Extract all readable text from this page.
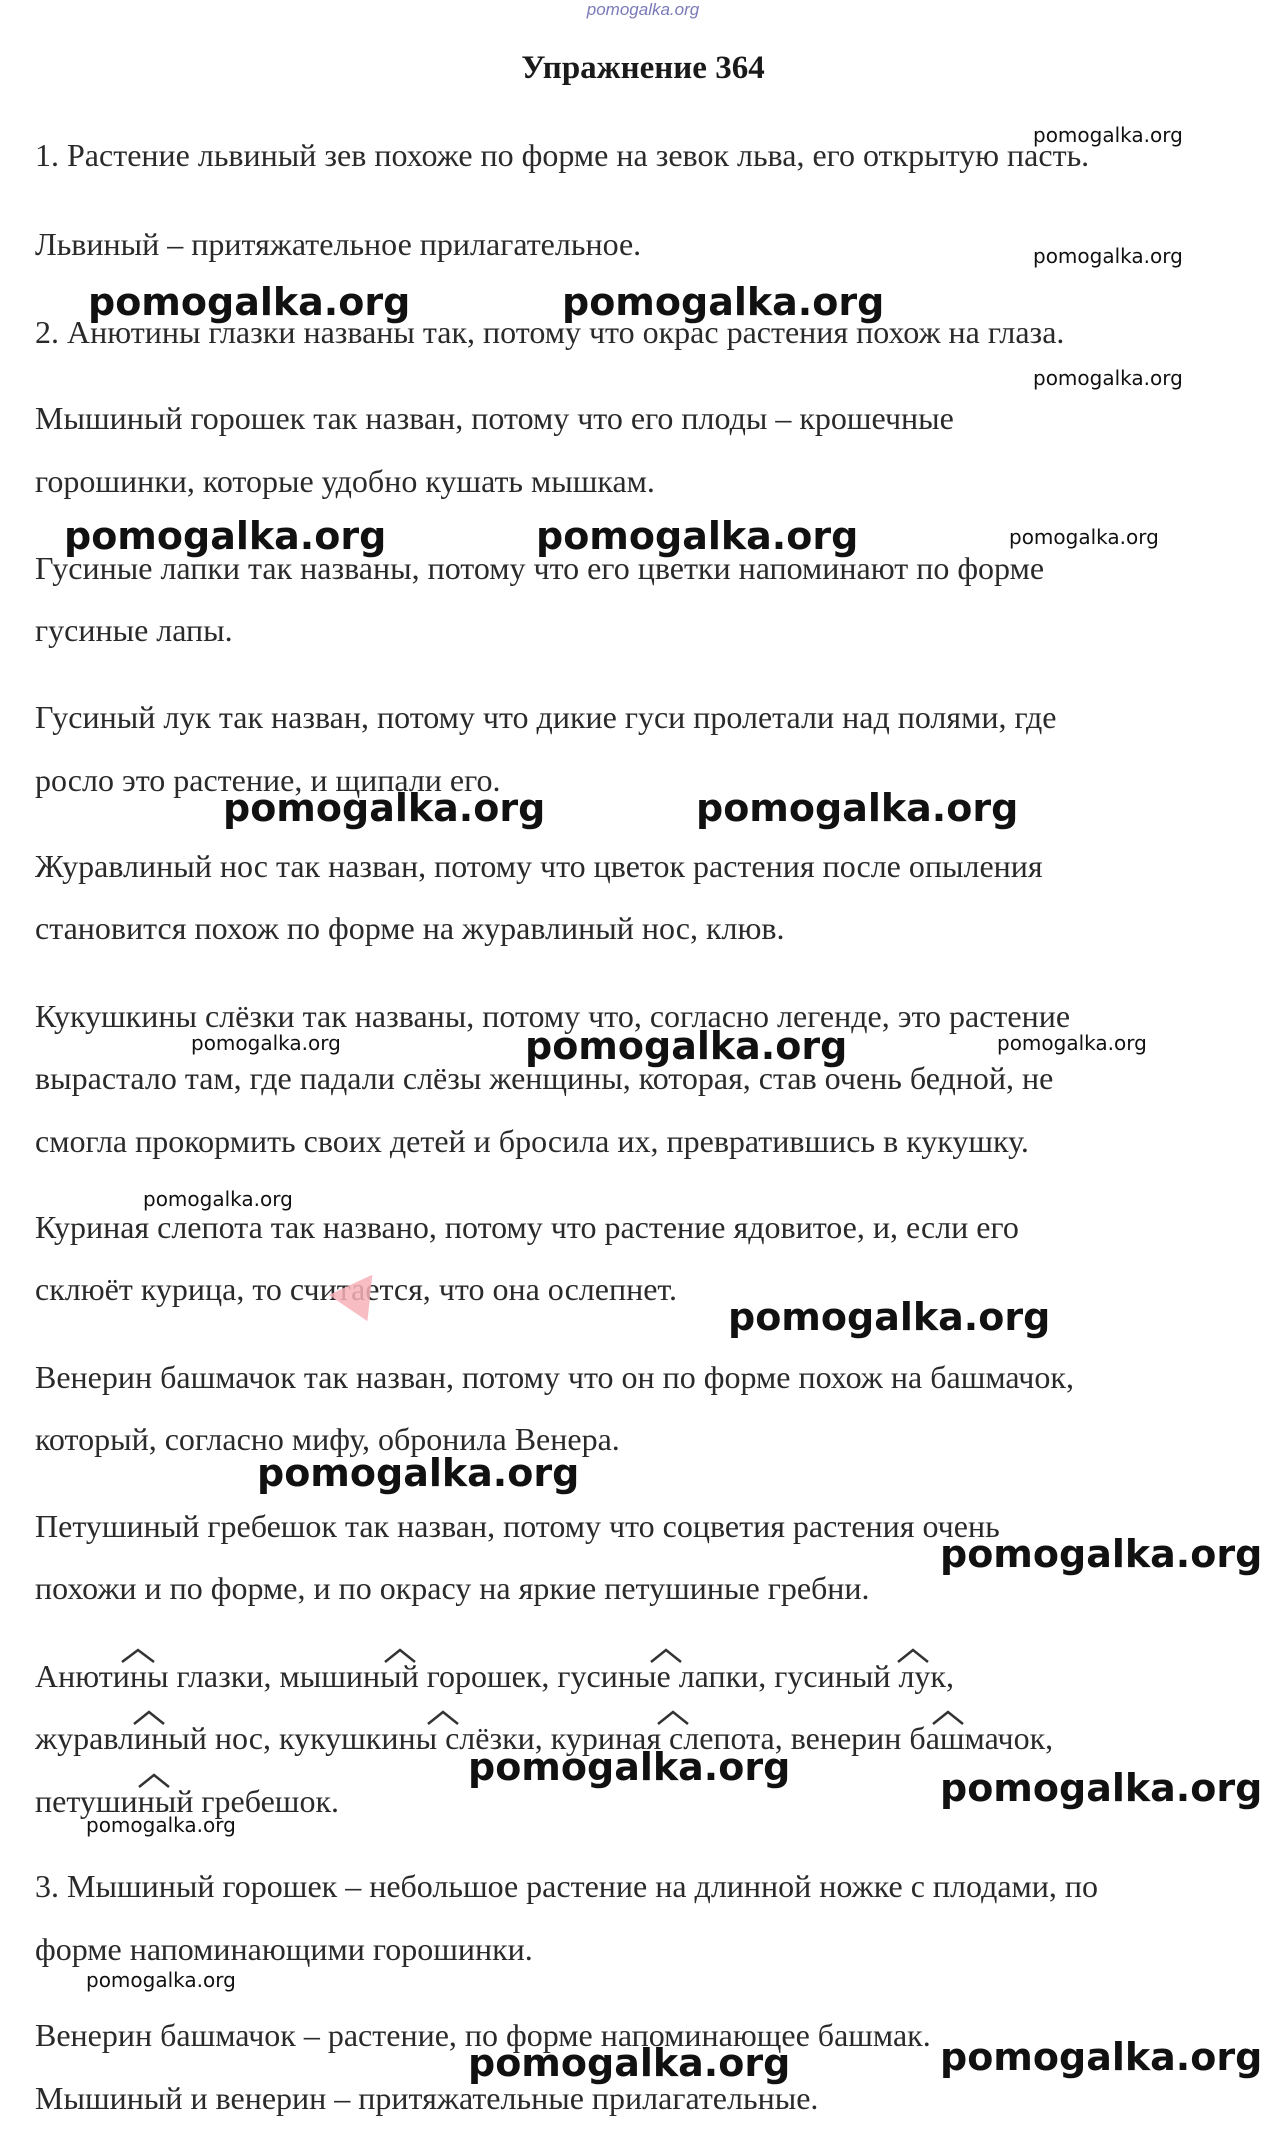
pomogalka.org
Упражнение 364
1. Растение львиный зев похоже по форме на зевок льва, его открытую пасть.
Львиный – притяжательное прилагательное.
2. Анютины глазки названы так, потому что окрас растения похож на глаза.
Мышиный горошек так назван, потому что его плоды – крошечные
горошинки, которые удобно кушать мышкам.
Гусиные лапки так названы, потому что его цветки напоминают по форме
гусиные лапы.
Гусиный лук так назван, потому что дикие гуси пролетали над полями, где
росло это растение, и щипали его.
Журавлиный нос так назван, потому что цветок растения после опыления
становится похож по форме на журавлиный нос, клюв.
Кукушкины слёзки так названы, потому что, согласно легенде, это растение
вырастало там, где падали слёзы женщины, которая, став очень бедной, не
смогла прокормить своих детей и бросила их, превратившись в кукушку.
Куриная слепота так названо, потому что растение ядовитое, и, если его
склюёт курица, то считается, что она ослепнет.
Венерин башмачок так назван, потому что он по форме похож на башмачок,
который, согласно мифу, обронила Венера.
Петушиный гребешок так назван, потому что соцветия растения очень
похожи и по форме, и по окрасу на яркие петушиные гребни.
Анютины глазки, мышиный горошек, гусиные лапки, гусиный лук,
журавлиный нос, кукушкины слёзки, куриная слепота, венерин башмачок,
петушиный гребешок.
3. Мышиный горошек – небольшое растение на длинной ножке с плодами, по
форме напоминающими горошинки.
Венерин башмачок – растение, по форме напоминающее башмак.
Мышиный и венерин – притяжательные прилагательные.
pomogalka.org
pomogalka.org
pomogalka.org	pomogalka.org
pomogalka.org
pomogalka.org	pomogalka.org	pomogalka.org
pomogalka.org	pomogalka.org
pomogalka.org	pomogalka.org	pomogalka.org
pomogalka.org
pomogalka.org
pomogalka.org
pomogalka.org
pomogalka.org	pomogalka.org
pomogalka.org
pomogalka.org
pomogalka.org
pomogalka.org
